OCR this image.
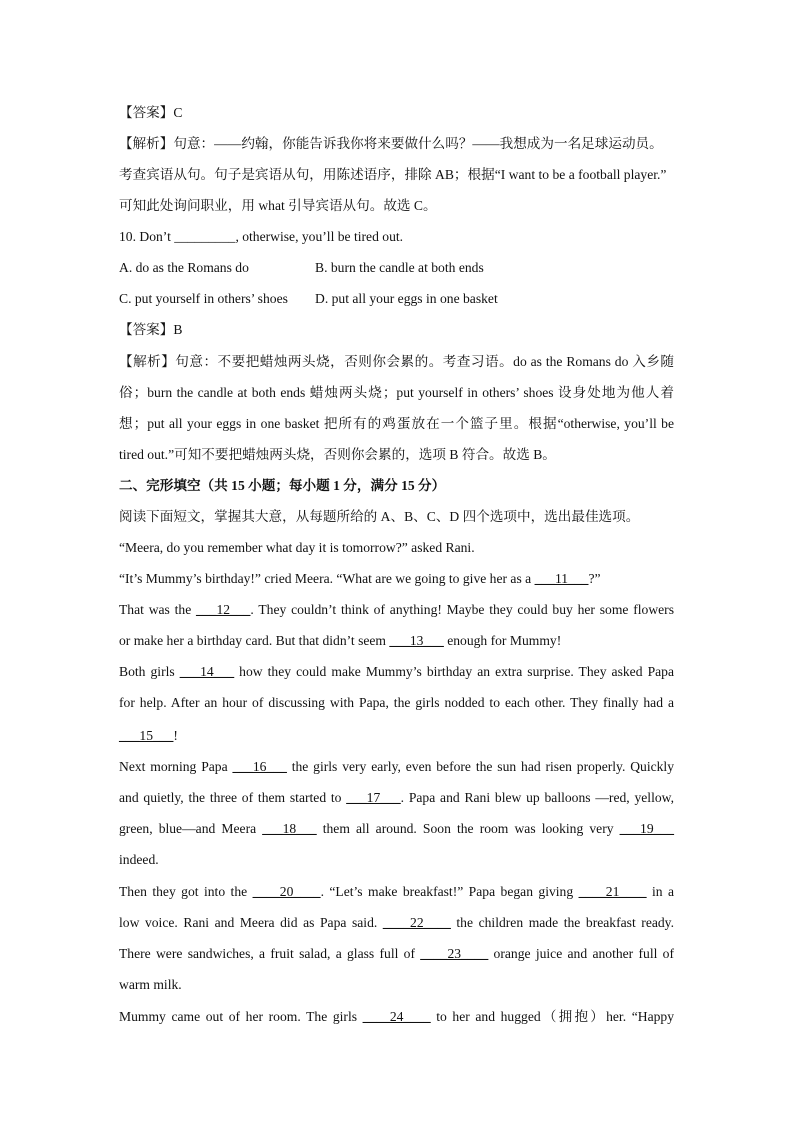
【答案】C
【解析】句意：——约翰，你能告诉我你将来要做什么吗？——我想成为一名足球运动员。
考查宾语从句。句子是宾语从句，用陈述语序，排除 AB；根据“I want to be a football player.”
可知此处询问职业，用 what 引导宾语从句。故选 C。
10. Don’t _________, otherwise, you’ll be tired out.
A. do as the Romans do	B. burn the candle at both ends
C. put yourself in others’ shoes D. put all your eggs in one basket
【答案】B
【解析】句意：不要把蜡烛两头烧，否则你会累的。考查习语。do as the Romans do 入乡随
俗；burn the candle at both ends 蜡烛两头烧；put yourself in others’ shoes 设身处地为他人着
想；put all your eggs in one basket 把所有的鸡蛋放在一个篮子里。根据“otherwise, you’ll be
tired out.”可知不要把蜡烛两头烧，否则你会累的，选项 B 符合。故选 B。
二、完形填空（共 15 小题；每小题 1 分，满分 15 分）
阅读下面短文，掌握其大意，从每题所给的 A、B、C、D 四个选项中，选出最佳选项。
“Meera, do you remember what day it is tomorrow?” asked Rani.
“It’s Mummy’s birthday!” cried Meera. “What are we going to give her as a ___11___?”
That was the ___12___. They couldn’t think of anything! Maybe they could buy her some flowers
or make her a birthday card. But that didn’t seem ___13___ enough for Mummy!
Both girls ___14___ how they could make Mummy’s birthday an extra surprise. They asked Papa
for help. After an hour of discussing with Papa, the girls nodded to each other. They finally had a
___15___!
Next morning Papa ___16___ the girls very early, even before the sun had risen properly. Quickly
and quietly, the three of them started to ___17___. Papa and Rani blew up balloons —red, yellow,
green, blue—and Meera ___18___ them all around. Soon the room was looking very ___19___
indeed.
Then they got into the ____20____. “Let’s make breakfast!” Papa began giving ____21____ in a
low voice. Rani and Meera did as Papa said. ____22____ the children made the breakfast ready.
There were sandwiches, a fruit salad, a glass full of ____23____ orange juice and another full of
warm milk.
Mummy came out of her room. The girls ____24____ to her and hugged（拥抱）her. “Happy
